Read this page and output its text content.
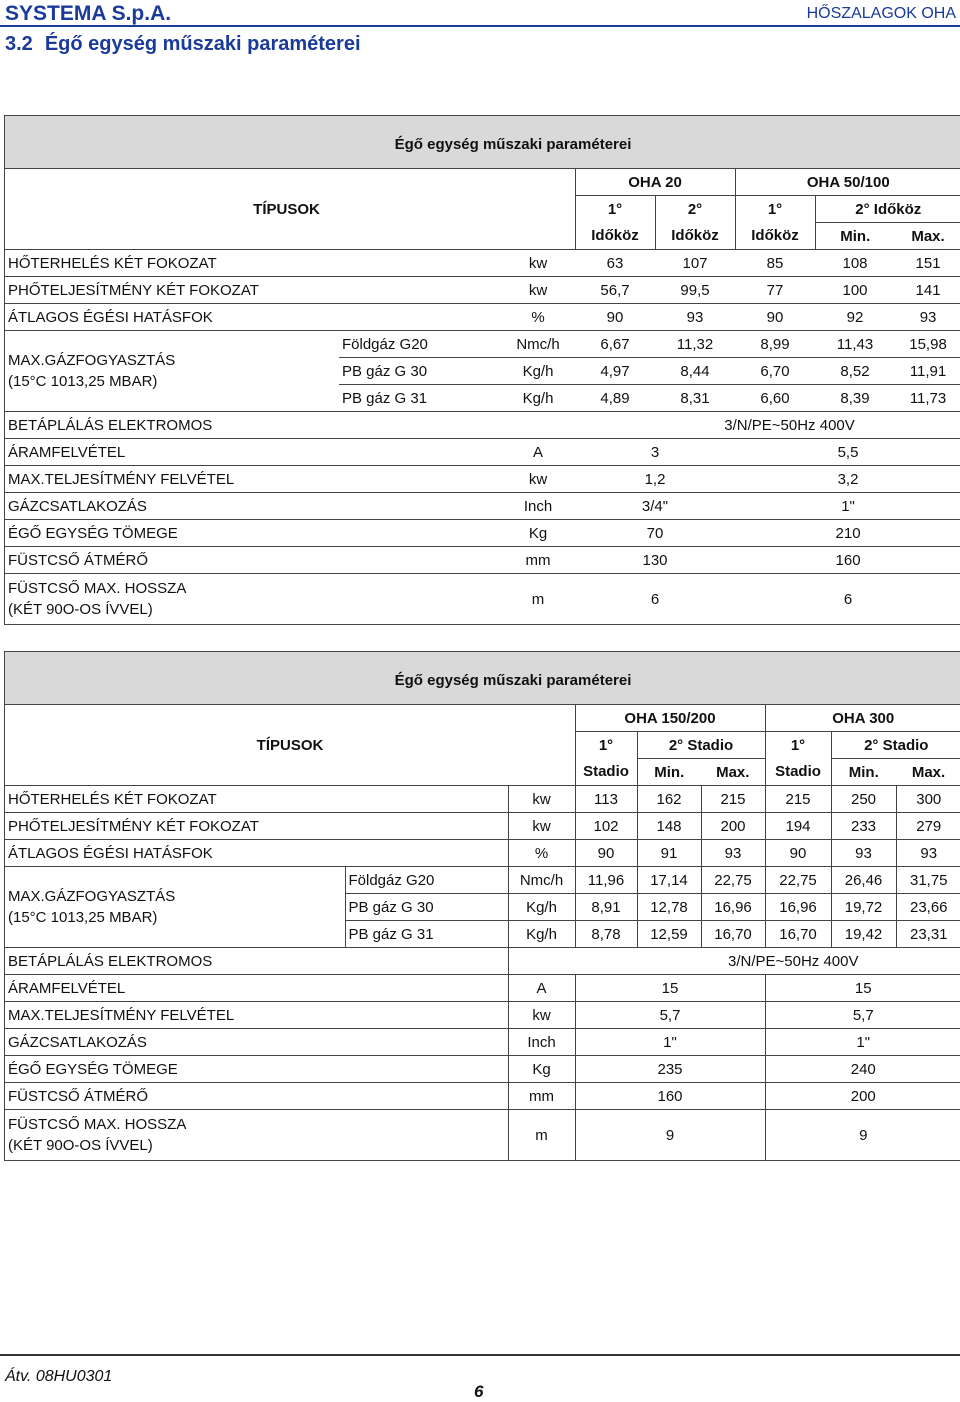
SYSTEMA S.p.A.	HŐSZALAGOK OHA
3.2 Égő egység műszaki paraméterei
Égő egység műszaki paraméterei
TÍPUSOK			OHA 20		OHA 50/100		
			1°	2°	1°	2° Időköz	
			Időköz	Időköz	Időköz	Min.	Max.
HŐTERHELÉS KÉT FOKOZAT		kw	63	107	85	108	151
PHŐTELJESÍTMÉNY KÉT FOKOZAT		kw	56,7	99,5	77	100	141
ÁTLAGOS ÉGÉSI HATÁSFOK		%	90	93	90	92	93

MAX.GÁZFOGYASZTÁS
(15°C 1013,25 MBAR)	Földgáz G20	Nmc/h	6,67	11,32	8,99	11,43	15,98
	PB gáz G 30	Kg/h	4,97	8,44	6,70	8,52	11,91
	PB gáz G 31	Kg/h	4,89	8,31	6,60	8,39	11,73
BETÁPLÁLÁS ELEKTROMOS		3/N/PE~50Hz 400V					
ÁRAMFELVÉTEL		A	3		5,5		
MAX.TELJESÍTMÉNY FELVÉTEL		kw	1,2		3,2		
GÁZCSATLAKOZÁS		Inch	3/4"		1"		
ÉGŐ EGYSÉG TÖMEGE		Kg	70		210		
FÜSTCSŐ ÁTMÉRŐ		mm	130		160		

FÜSTCSŐ MAX. HOSSZA
(KÉT 90O-OS ÍVVEL)		m	6		6		
Égő egység műszaki paraméterei
TÍPUSOK			OHA 150/200			OHA 300		
			1°	2° Stadio		1°	2° Stadio	
			Stadio	Min.	Max.	Stadio	Min.	Max.
HŐTERHELÉS KÉT FOKOZAT		kw	113	162	215	215	250	300
PHŐTELJESÍTMÉNY KÉT FOKOZAT		kw	102	148	200	194	233	279
ÁTLAGOS ÉGÉSI HATÁSFOK		%	90	91	93	90	93	93

MAX.GÁZFOGYASZTÁS
(15°C 1013,25 MBAR)	Földgáz G20	Nmc/h	11,96	17,14	22,75	22,75	26,46	31,75
	PB gáz G 30	Kg/h	8,91	12,78	16,96	16,96	19,72	23,66
	PB gáz G 31	Kg/h	8,78	12,59	16,70	16,70	19,42	23,31
BETÁPLÁLÁS ELEKTROMOS		3/N/PE~50Hz 400V						
ÁRAMFELVÉTEL		A	15			15		
MAX.TELJESÍTMÉNY FELVÉTEL		kw	5,7			5,7		
GÁZCSATLAKOZÁS		Inch	1"			1"		
ÉGŐ EGYSÉG TÖMEGE		Kg	235			240		
FÜSTCSŐ ÁTMÉRŐ		mm	160			200		

FÜSTCSŐ MAX. HOSSZA
(KÉT 90O-OS ÍVVEL)		m	9			9		
Átv. 08HU0301
6
